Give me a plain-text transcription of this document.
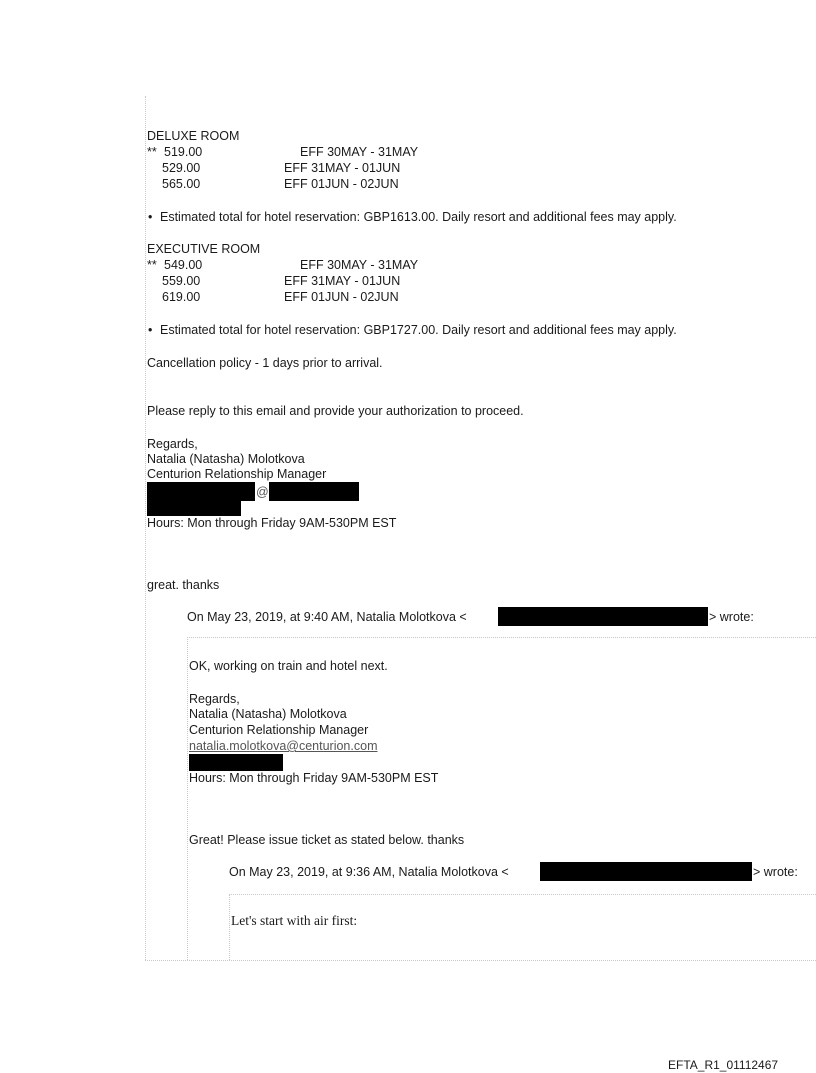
DELUXE ROOM
** 519.00	EFF 30MAY - 31MAY
529.00	EFF 31MAY - 01JUN
565.00	EFF 01JUN - 02JUN
• Estimated total for hotel reservation: GBP1613.00. Daily resort and additional fees may apply.
EXECUTIVE ROOM
** 549.00	EFF 30MAY - 31MAY
559.00	EFF 31MAY - 01JUN
619.00	EFF 01JUN - 02JUN
• Estimated total for hotel reservation: GBP1727.00. Daily resort and additional fees may apply.
Cancellation policy - 1 days prior to arrival.
Please reply to this email and provide your authorization to proceed.
Regards,
Natalia (Natasha) Molotkova
Centurion Relationship Manager
@
Hours: Mon through Friday 9AM-530PM EST
great. thanks
On May 23, 2019, at 9:40 AM, Natalia Molotkova <	> wrote:
OK, working on train and hotel next.
Regards,
Natalia (Natasha) Molotkova
Centurion Relationship Manager
natalia.molotkova@centurion.com
Hours: Mon through Friday 9AM-530PM EST
Great! Please issue ticket as stated below. thanks
On May 23, 2019, at 9:36 AM, Natalia Molotkova <	> wrote:
Let's start with air first:
EFTA_R1_01112467
